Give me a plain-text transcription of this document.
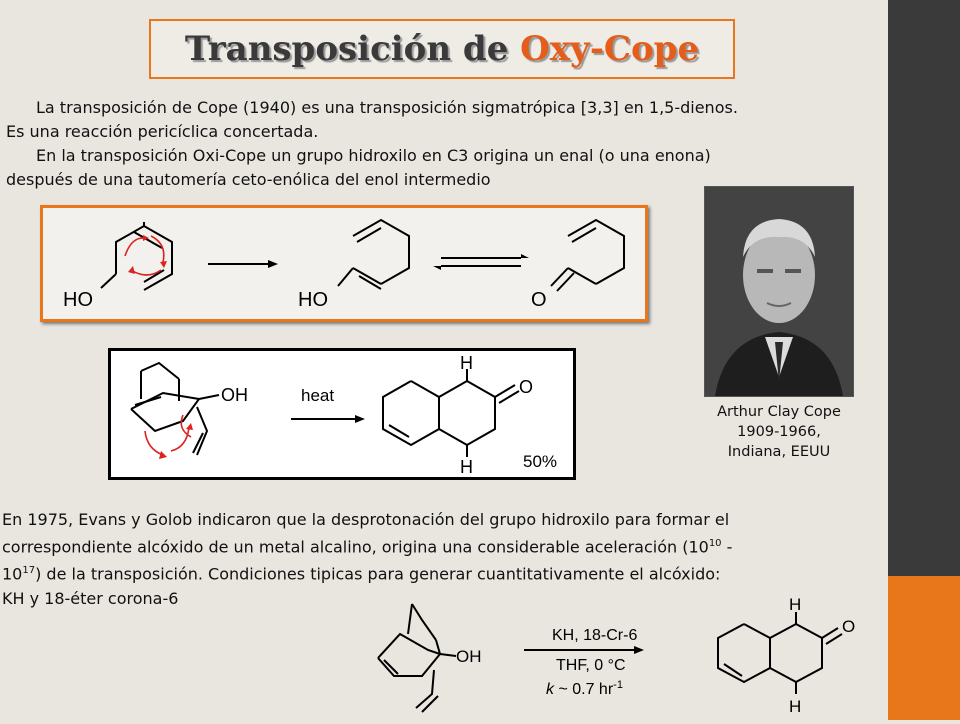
Transposición de Oxy-Cope
La transposición de Cope (1940) es una transposición sigmatrópica [3,3] en 1,5-dienos.
Es una reacción pericíclica concertada.
En la transposición Oxi-Cope un grupo hidroxilo en C3 origina un enal (o una enona)
después de una tautomería ceto-enólica del enol intermedio
HO	HO	O
OH	heat
H
H
O
50%
Arthur Clay Cope
1909-1966,
Indiana, EEUU
En 1975, Evans y Golob indicaron que la desprotonación del grupo hidroxilo para formar el
correspondiente alcóxido de un metal alcalino, origina una considerable aceleración ($10^{10}$ -
$10^{17}$) de la transposición. Condiciones tipicas para generar cuantitativamente el alcóxido:
KH y 18-éter corona-6
OH
KH, 18-Cr-6
THF, 0 °C
k ~ 0.7 $hr^{-1}$
H
H
O
